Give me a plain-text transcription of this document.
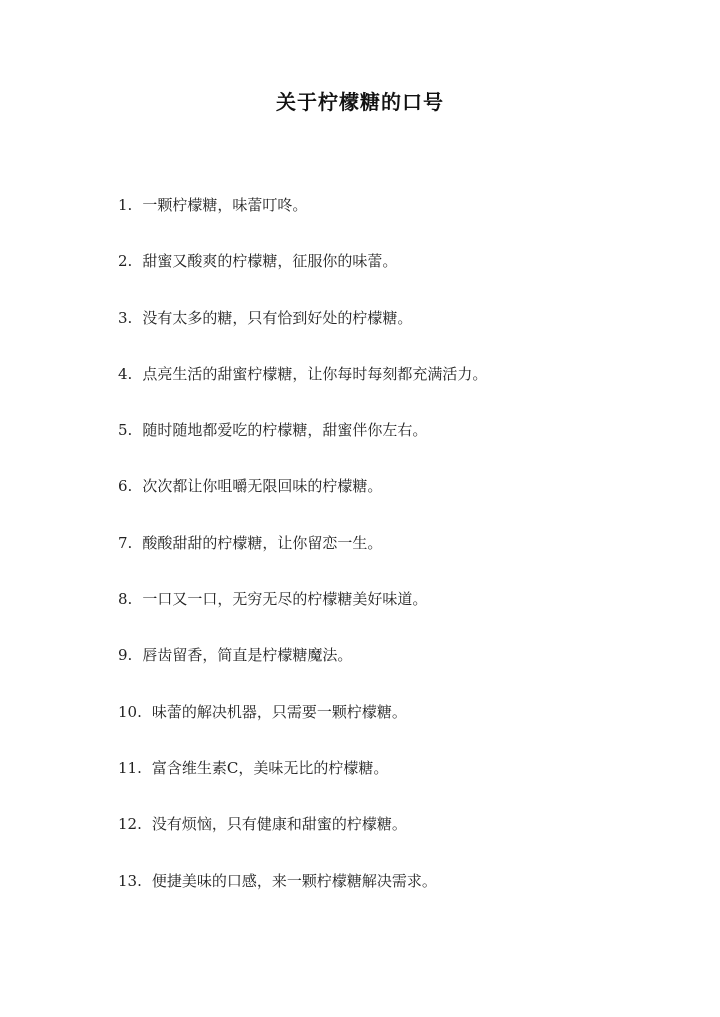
关于柠檬糖的口号
1. 一颗柠檬糖，味蕾叮咚。
2. 甜蜜又酸爽的柠檬糖，征服你的味蕾。
3. 没有太多的糖，只有恰到好处的柠檬糖。
4. 点亮生活的甜蜜柠檬糖，让你每时每刻都充满活力。
5. 随时随地都爱吃的柠檬糖，甜蜜伴你左右。
6. 次次都让你咀嚼无限回味的柠檬糖。
7. 酸酸甜甜的柠檬糖，让你留恋一生。
8. 一口又一口，无穷无尽的柠檬糖美好味道。
9. 唇齿留香，简直是柠檬糖魔法。
10. 味蕾的解决机器，只需要一颗柠檬糖。
11. 富含维生素C，美味无比的柠檬糖。
12. 没有烦恼，只有健康和甜蜜的柠檬糖。
13. 便捷美味的口感，来一颗柠檬糖解决需求。
